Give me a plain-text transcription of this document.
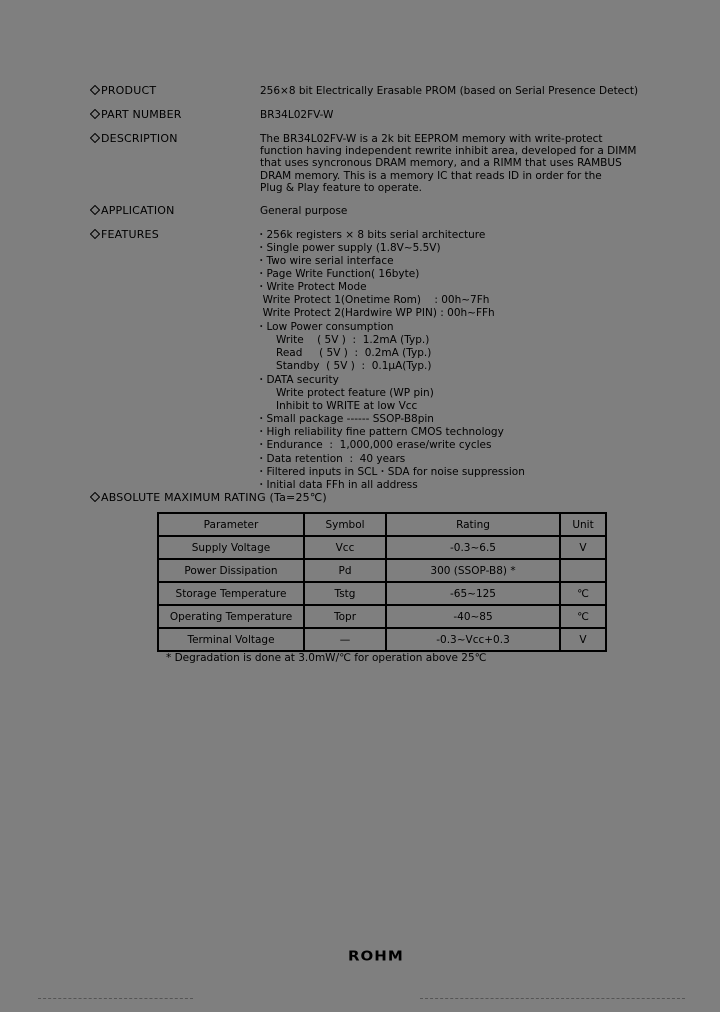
PRODUCT	256×8 bit Electrically Erasable PROM (based on Serial Presence Detect)
PART NUMBER	BR34L02FV-W
DESCRIPTION	The BR34L02FV-W is a 2k bit EEPROM memory with write-protect
function having independent rewrite inhibit area, developed for a DIMM
that uses syncronous DRAM memory, and a RIMM that uses RAMBUS
DRAM memory. This is a memory IC that reads ID in order for the
Plug & Play feature to operate.
APPLICATION	General purpose
FEATURES	・256k registers × 8 bits serial architecture
・Single power supply (1.8V~5.5V)
・Two wire serial interface
・Page Write Function( 16byte)
・Write Protect Mode
Write Protect 1(Onetime Rom)    : 00h~7Fh
Write Protect 2(Hardwire WP PIN) : 00h~FFh
・Low Power consumption
Write    ( 5V )  :  1.2mA (Typ.)
Read     ( 5V )  :  0.2mA (Typ.)
Standby  ( 5V )  :  0.1μA(Typ.)
・DATA security
Write protect feature (WP pin)
Inhibit to WRITE at low Vcc
・Small package ------ SSOP-B8pin
・High reliability fine pattern CMOS technology
・Endurance  :  1,000,000 erase/write cycles
・Data retention  :  40 years
・Filtered inputs in SCL・SDA for noise suppression
・Initial data FFh in all address
ABSOLUTE MAXIMUM RATING (Ta=25℃)
Parameter	Symbol	Rating	Unit
Supply Voltage	Vcc	-0.3~6.5	V
Power Dissipation	Pd	300 (SSOP-B8) *	
Storage Temperature	Tstg	-65~125	℃
Operating Temperature	Topr	-40~85	℃
Terminal Voltage	—	-0.3~Vcc+0.3	V
* Degradation is done at 3.0mW/℃ for operation above 25℃
ROHM
